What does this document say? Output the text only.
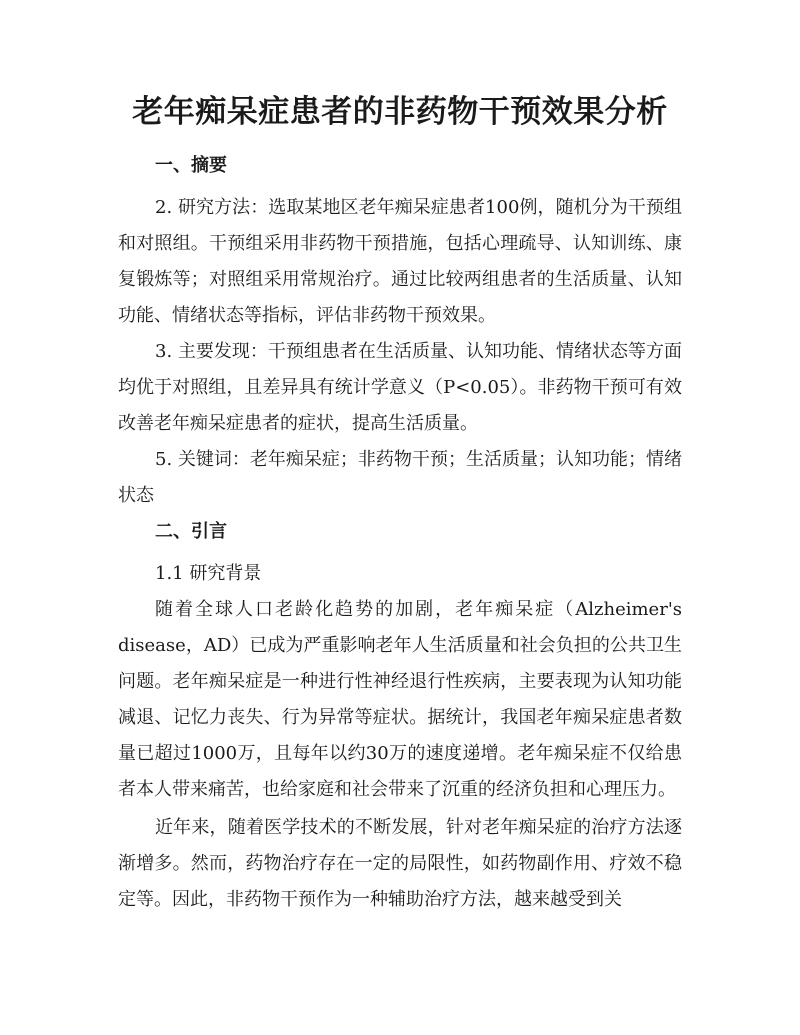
老年痴呆症患者的非药物干预效果分析
一、摘要

2. 研究方法：选取某地区老年痴呆症患者100例，随机分为干预组和对照组。干预组采用非药物干预措施，包括心理疏导、认知训练、康复锻炼等；对照组采用常规治疗。通过比较两组患者的生活质量、认知功能、情绪状态等指标，评估非药物干预效果。

3. 主要发现：干预组患者在生活质量、认知功能、情绪状态等方面均优于对照组，且差异具有统计学意义（P<0.05）。非药物干预可有效改善老年痴呆症患者的症状，提高生活质量。

5. 关键词：老年痴呆症；非药物干预；生活质量；认知功能；情绪状态

二、引言

1.1 研究背景

随着全球人口老龄化趋势的加剧，老年痴呆症（Alzheimer's disease，AD）已成为严重影响老年人生活质量和社会负担的公共卫生问题。老年痴呆症是一种进行性神经退行性疾病，主要表现为认知功能减退、记忆力丧失、行为异常等症状。据统计，我国老年痴呆症患者数量已超过1000万，且每年以约30万的速度递增。老年痴呆症不仅给患者本人带来痛苦，也给家庭和社会带来了沉重的经济负担和心理压力。

近年来，随着医学技术的不断发展，针对老年痴呆症的治疗方法逐渐增多。然而，药物治疗存在一定的局限性，如药物副作用、疗效不稳定等。因此，非药物干预作为一种辅助治疗方法，越来越受到关
